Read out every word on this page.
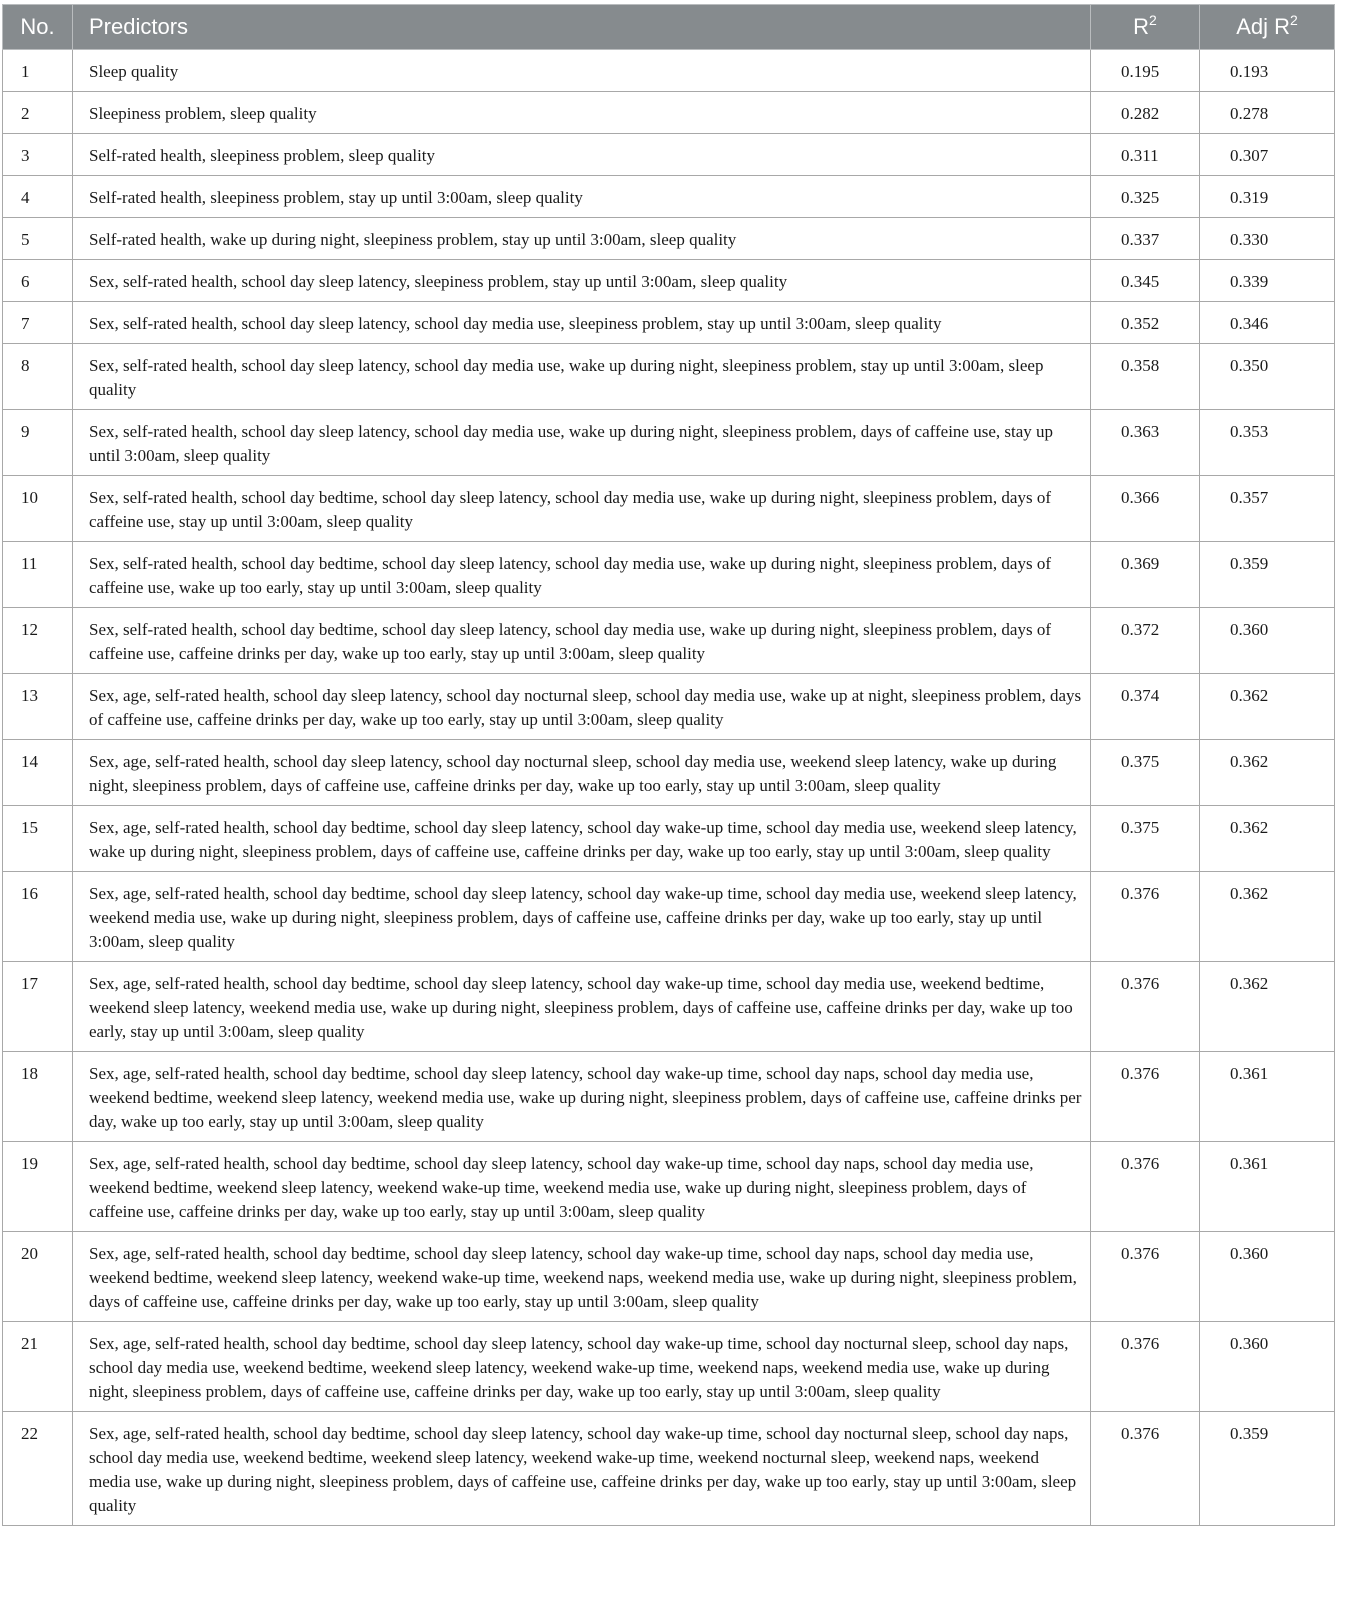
No.	Predictors	$R^2$	Adj $R^2$
1	Sleep quality	0.195	0.193
2	Sleepiness problem, sleep quality	0.282	0.278
3	Self-rated health, sleepiness problem, sleep quality	0.311	0.307
4	Self-rated health, sleepiness problem, stay up until 3:00am, sleep quality	0.325	0.319
5	Self-rated health, wake up during night, sleepiness problem, stay up until 3:00am, sleep quality	0.337	0.330
6	Sex, self-rated health, school day sleep latency, sleepiness problem, stay up until 3:00am, sleep quality	0.345	0.339
7	Sex, self-rated health, school day sleep latency, school day media use, sleepiness problem, stay up until 3:00am, sleep quality	0.352	0.346
8	Sex, self-rated health, school day sleep latency, school day media use, wake up during night, sleepiness problem, stay up until 3:00am, sleep quality	0.358	0.350
9	Sex, self-rated health, school day sleep latency, school day media use, wake up during night, sleepiness problem, days of caffeine use, stay up until 3:00am, sleep quality	0.363	0.353
10	Sex, self-rated health, school day bedtime, school day sleep latency, school day media use, wake up during night, sleepiness problem, days of caffeine use, stay up until 3:00am, sleep quality	0.366	0.357
11	Sex, self-rated health, school day bedtime, school day sleep latency, school day media use, wake up during night, sleepiness problem, days of caffeine use, wake up too early, stay up until 3:00am, sleep quality	0.369	0.359
12	Sex, self-rated health, school day bedtime, school day sleep latency, school day media use, wake up during night, sleepiness problem, days of caffeine use, caffeine drinks per day, wake up too early, stay up until 3:00am, sleep quality	0.372	0.360
13	Sex, age, self-rated health, school day sleep latency, school day nocturnal sleep, school day media use, wake up at night, sleepiness problem, days of caffeine use, caffeine drinks per day, wake up too early, stay up until 3:00am, sleep quality	0.374	0.362
14	Sex, age, self-rated health, school day sleep latency, school day nocturnal sleep, school day media use, weekend sleep latency, wake up during night, sleepiness problem, days of caffeine use, caffeine drinks per day, wake up too early, stay up until 3:00am, sleep quality	0.375	0.362
15	Sex, age, self-rated health, school day bedtime, school day sleep latency, school day wake-up time, school day media use, weekend sleep latency, wake up during night, sleepiness problem, days of caffeine use, caffeine drinks per day, wake up too early, stay up until 3:00am, sleep quality	0.375	0.362
16	Sex, age, self-rated health, school day bedtime, school day sleep latency, school day wake-up time, school day media use, weekend sleep latency, weekend media use, wake up during night, sleepiness problem, days of caffeine use, caffeine drinks per day, wake up too early, stay up until 3:00am, sleep quality	0.376	0.362
17	Sex, age, self-rated health, school day bedtime, school day sleep latency, school day wake-up time, school day media use, weekend bedtime, weekend sleep latency, weekend media use, wake up during night, sleepiness problem, days of caffeine use, caffeine drinks per day, wake up too early, stay up until 3:00am, sleep quality	0.376	0.362
18	Sex, age, self-rated health, school day bedtime, school day sleep latency, school day wake-up time, school day naps, school day media use, weekend bedtime, weekend sleep latency, weekend media use, wake up during night, sleepiness problem, days of caffeine use, caffeine drinks per day, wake up too early, stay up until 3:00am, sleep quality	0.376	0.361
19	Sex, age, self-rated health, school day bedtime, school day sleep latency, school day wake-up time, school day naps, school day media use, weekend bedtime, weekend sleep latency, weekend wake-up time, weekend media use, wake up during night, sleepiness problem, days of caffeine use, caffeine drinks per day, wake up too early, stay up until 3:00am, sleep quality	0.376	0.361
20	Sex, age, self-rated health, school day bedtime, school day sleep latency, school day wake-up time, school day naps, school day media use, weekend bedtime, weekend sleep latency, weekend wake-up time, weekend naps, weekend media use, wake up during night, sleepiness problem, days of caffeine use, caffeine drinks per day, wake up too early, stay up until 3:00am, sleep quality	0.376	0.360
21	Sex, age, self-rated health, school day bedtime, school day sleep latency, school day wake-up time, school day nocturnal sleep, school day naps, school day media use, weekend bedtime, weekend sleep latency, weekend wake-up time, weekend naps, weekend media use, wake up during night, sleepiness problem, days of caffeine use, caffeine drinks per day, wake up too early, stay up until 3:00am, sleep quality	0.376	0.360
22	Sex, age, self-rated health, school day bedtime, school day sleep latency, school day wake-up time, school day nocturnal sleep, school day naps, school day media use, weekend bedtime, weekend sleep latency, weekend wake-up time, weekend nocturnal sleep, weekend naps, weekend media use, wake up during night, sleepiness problem, days of caffeine use, caffeine drinks per day, wake up too early, stay up until 3:00am, sleep quality	0.376	0.359
